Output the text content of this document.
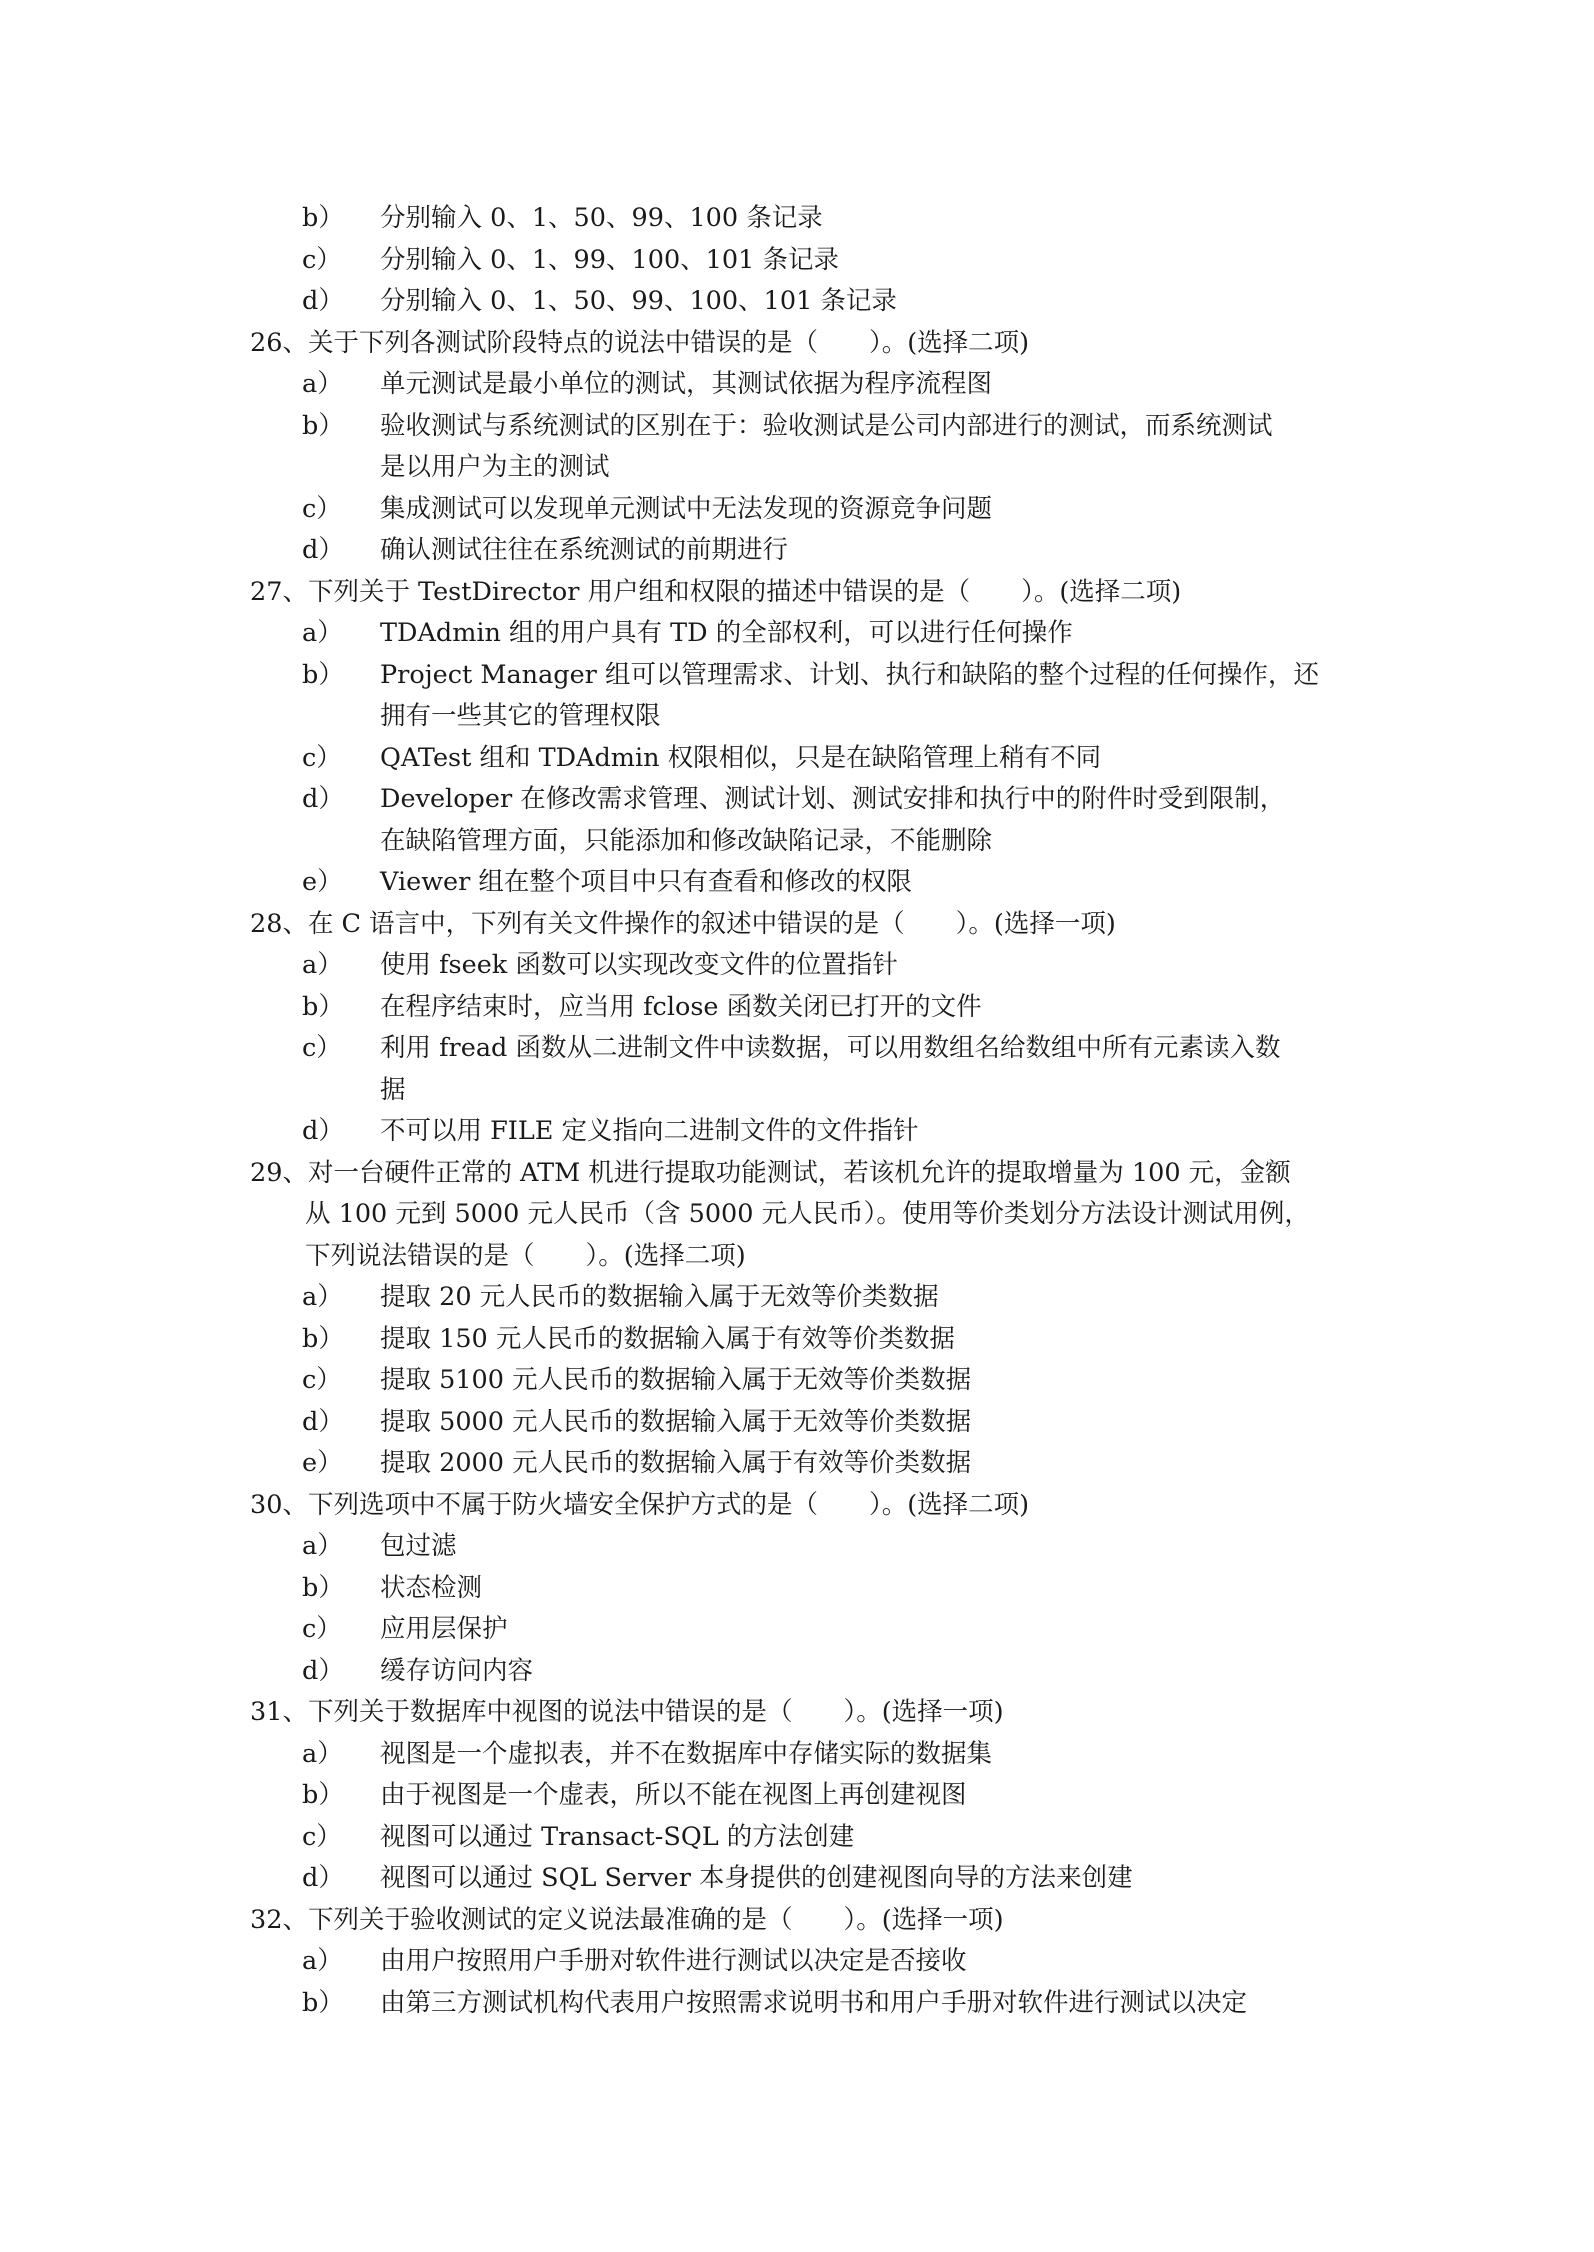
b） 分别输入 0、1、50、99、100 条记录
c） 分别输入 0、1、99、100、101 条记录
d） 分别输入 0、1、50、99、100、101 条记录
26、关于下列各测试阶段特点的说法中错误的是（　　）。(选择二项)
a） 单元测试是最小单位的测试，其测试依据为程序流程图
b） 验收测试与系统测试的区别在于：验收测试是公司内部进行的测试，而系统测试
是以用户为主的测试
c） 集成测试可以发现单元测试中无法发现的资源竞争问题
d） 确认测试往往在系统测试的前期进行
27、下列关于 TestDirector 用户组和权限的描述中错误的是（　　）。(选择二项)
a） TDAdmin 组的用户具有 TD 的全部权利，可以进行任何操作
b） Project Manager 组可以管理需求、计划、执行和缺陷的整个过程的任何操作，还
拥有一些其它的管理权限
c） QATest 组和 TDAdmin 权限相似，只是在缺陷管理上稍有不同
d） Developer 在修改需求管理、测试计划、测试安排和执行中的附件时受到限制，
在缺陷管理方面，只能添加和修改缺陷记录，不能删除
e） Viewer 组在整个项目中只有查看和修改的权限
28、在 C 语言中，下列有关文件操作的叙述中错误的是（　　）。(选择一项)
a） 使用 fseek 函数可以实现改变文件的位置指针
b） 在程序结束时，应当用 fclose 函数关闭已打开的文件
c） 利用 fread 函数从二进制文件中读数据，可以用数组名给数组中所有元素读入数
据
d） 不可以用 FILE 定义指向二进制文件的文件指针
29、对一台硬件正常的 ATM 机进行提取功能测试，若该机允许的提取增量为 100 元，金额
从 100 元到 5000 元人民币（含 5000 元人民币）。使用等价类划分方法设计测试用例，
下列说法错误的是（　　）。(选择二项)
a） 提取 20 元人民币的数据输入属于无效等价类数据
b） 提取 150 元人民币的数据输入属于有效等价类数据
c） 提取 5100 元人民币的数据输入属于无效等价类数据
d） 提取 5000 元人民币的数据输入属于无效等价类数据
e） 提取 2000 元人民币的数据输入属于有效等价类数据
30、下列选项中不属于防火墙安全保护方式的是（　　）。(选择二项)
a） 包过滤
b） 状态检测
c） 应用层保护
d） 缓存访问内容
31、下列关于数据库中视图的说法中错误的是（　　）。(选择一项)
a） 视图是一个虚拟表，并不在数据库中存储实际的数据集
b） 由于视图是一个虚表，所以不能在视图上再创建视图
c） 视图可以通过 Transact-SQL 的方法创建
d） 视图可以通过 SQL Server 本身提供的创建视图向导的方法来创建
32、下列关于验收测试的定义说法最准确的是（　　）。(选择一项)
a） 由用户按照用户手册对软件进行测试以决定是否接收
b） 由第三方测试机构代表用户按照需求说明书和用户手册对软件进行测试以决定
